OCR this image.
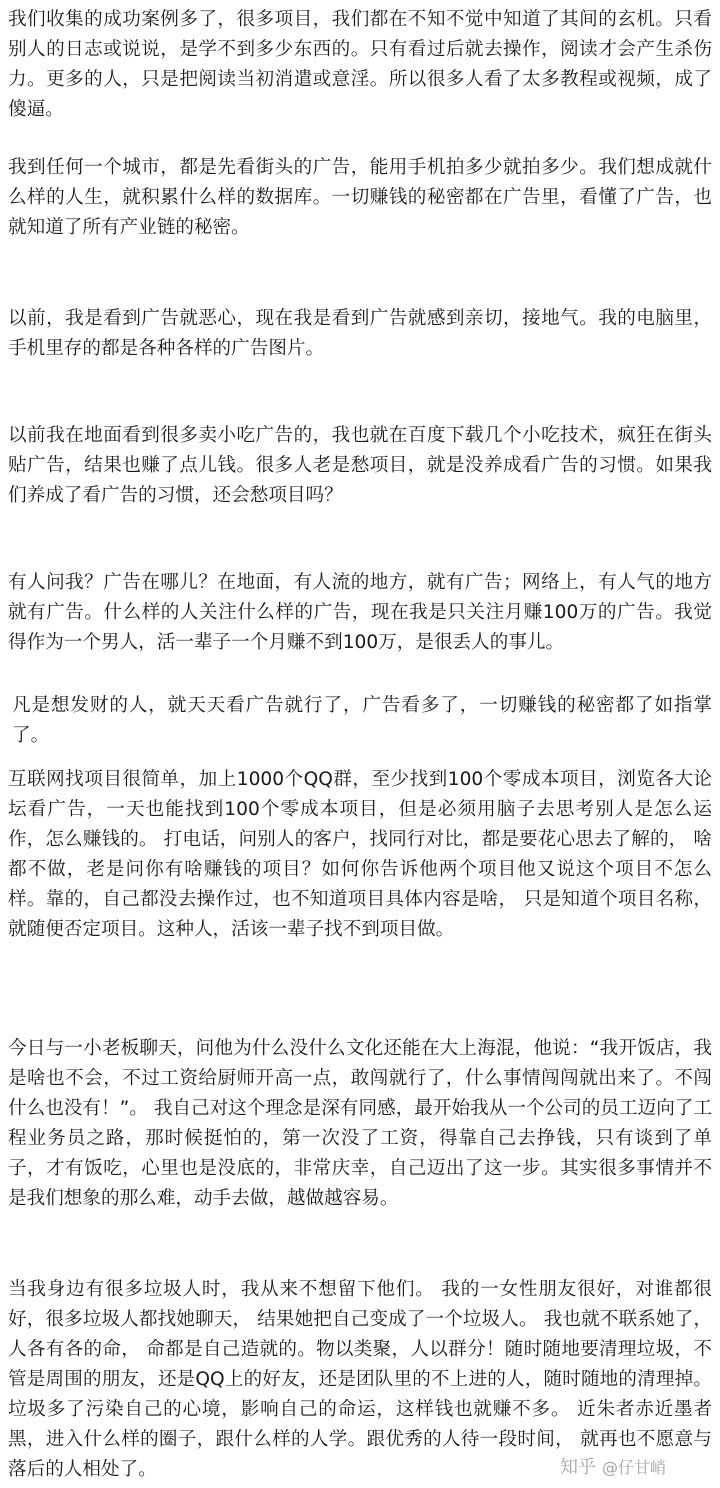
我们收集的成功案例多了，很多项目，我们都在不知不觉中知道了其间的玄机。只看别人的日志或说说，是学不到多少东西的。只有看过后就去操作，阅读才会产生杀伤力。更多的人，只是把阅读当初消遣或意淫。所以很多人看了太多教程或视频，成了傻逼。

我到任何一个城市，都是先看街头的广告，能用手机拍多少就拍多少。我们想成就什么样的人生，就积累什么样的数据库。一切赚钱的秘密都在广告里，看懂了广告，也就知道了所有产业链的秘密。

以前，我是看到广告就恶心，现在我是看到广告就感到亲切，接地气。我的电脑里，手机里存的都是各种各样的广告图片。

以前我在地面看到很多卖小吃广告的，我也就在百度下载几个小吃技术，疯狂在街头贴广告，结果也赚了点儿钱。很多人老是愁项目，就是没养成看广告的习惯。如果我们养成了看广告的习惯，还会愁项目吗？

有人问我？广告在哪儿？在地面，有人流的地方，就有广告；网络上，有人气的地方就有广告。什么样的人关注什么样的广告，现在我是只关注月赚100万的广告。我觉得作为一个男人，活一辈子一个月赚不到100万，是很丢人的事儿。

凡是想发财的人，就天天看广告就行了，广告看多了，一切赚钱的秘密都了如指掌了。

互联网找项目很简单，加上1000个QQ群，至少找到100个零成本项目，浏览各大论坛看广告，一天也能找到100个零成本项目，但是必须用脑子去思考别人是怎么运作，怎么赚钱的。 打电话，问别人的客户，找同行对比，都是要花心思去了解的， 啥都不做，老是问你有啥赚钱的项目？如何你告诉他两个项目他又说这个项目不怎么样。靠的，自己都没去操作过，也不知道项目具体内容是啥， 只是知道个项目名称，就随便否定项目。这种人，活该一辈子找不到项目做。

今日与一小老板聊天，问他为什么没什么文化还能在大上海混，他说：“我开饭店，我是啥也不会，不过工资给厨师开高一点，敢闯就行了，什么事情闯闯就出来了。不闯什么也没有！”。 我自己对这个理念是深有同感，最开始我从一个公司的员工迈向了工程业务员之路，那时候挺怕的，第一次没了工资，得靠自己去挣钱，只有谈到了单子，才有饭吃，心里也是没底的，非常庆幸，自己迈出了这一步。其实很多事情并不是我们想象的那么难，动手去做，越做越容易。

当我身边有很多垃圾人时，我从来不想留下他们。 我的一女性朋友很好，对谁都很好，很多垃圾人都找她聊天， 结果她把自己变成了一个垃圾人。 我也就不联系她了， 人各有各的命， 命都是自己造就的。物以类聚，人以群分！随时随地要清理垃圾，不管是周围的朋友，还是QQ上的好友，还是团队里的不上进的人，随时随地的清理掉。 垃圾多了污染自己的心境，影响自己的命运，这样钱也就赚不多。 近朱者赤近墨者黑，进入什么样的圈子，跟什么样的人学。跟优秀的人待一段时间， 就再也不愿意与落后的人相处了。	知乎 @仔甘峭
